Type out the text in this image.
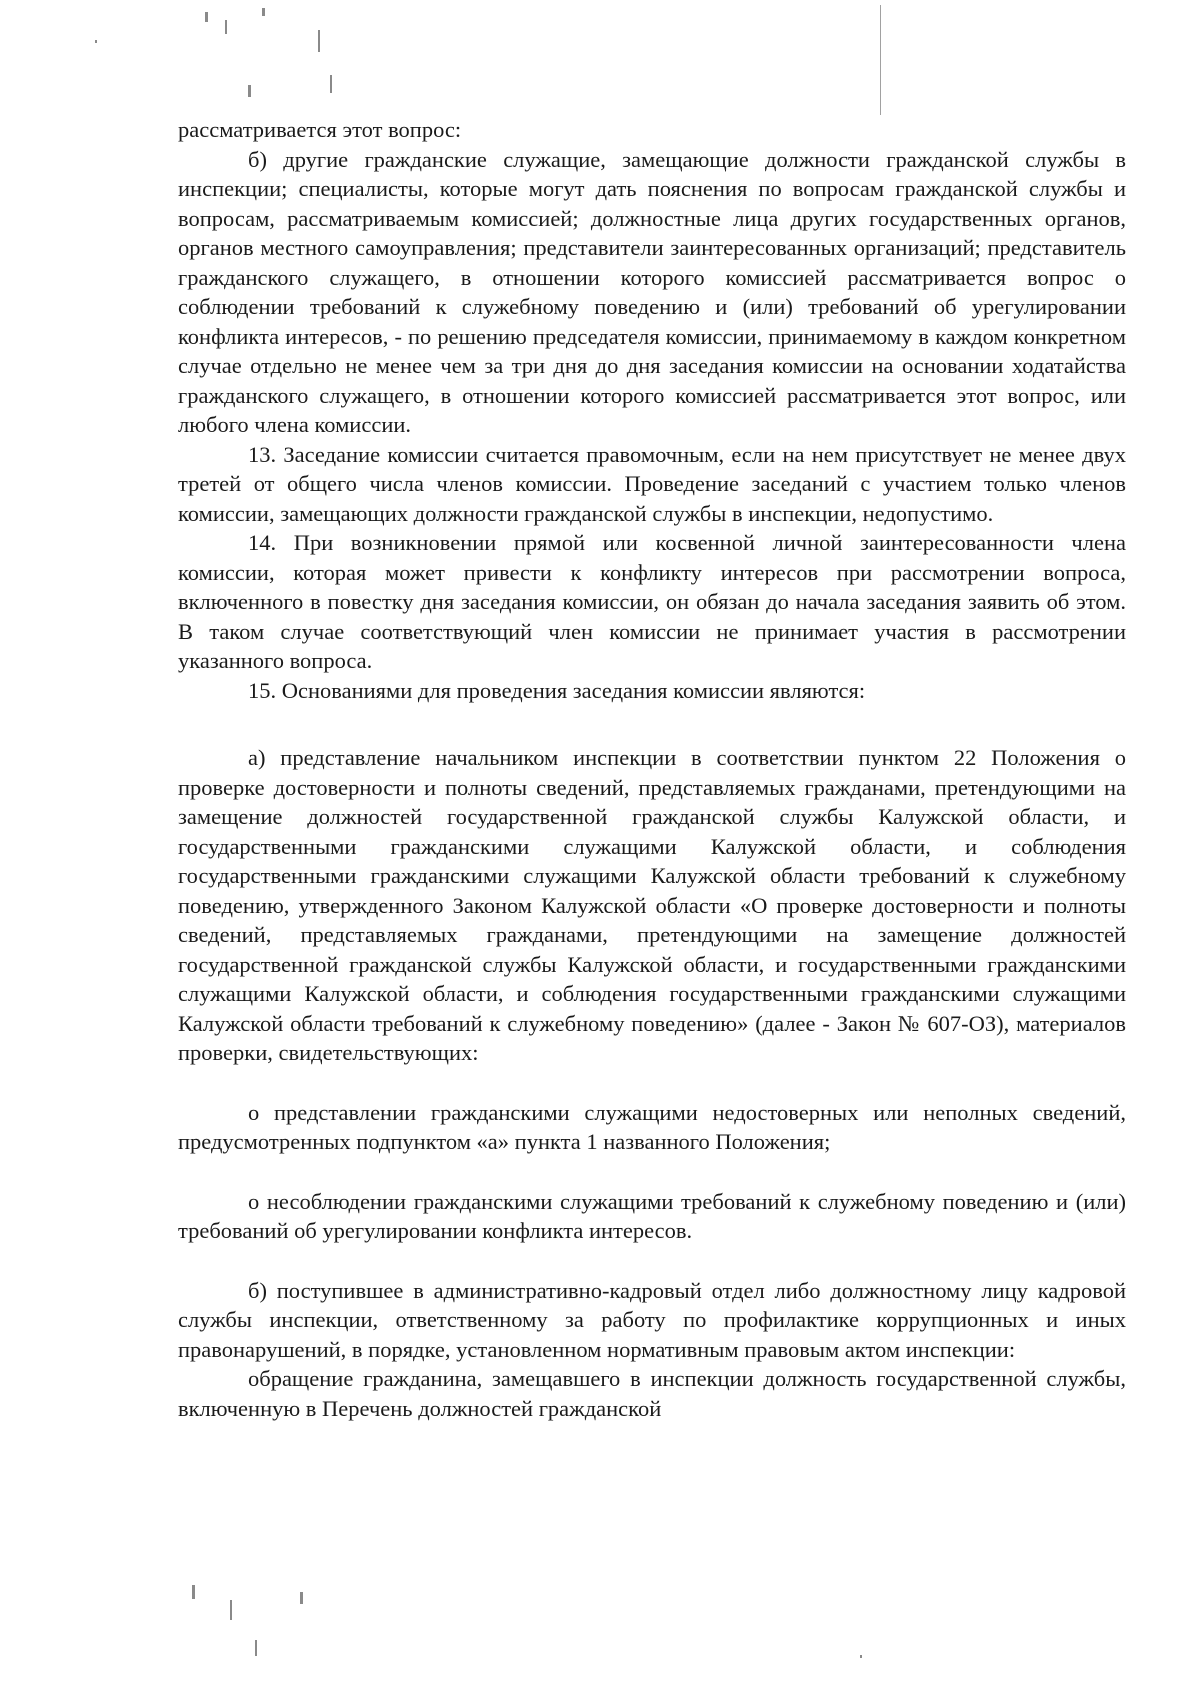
рассматривается этот вопрос:

б) другие гражданские служащие, замещающие должности гражданской службы в инспекции; специалисты, которые могут дать пояснения по вопросам гражданской службы и вопросам, рассматриваемым комиссией; должностные лица других государственных органов, органов местного самоуправления; представители заинтересованных организаций; представитель гражданского служащего, в отношении которого комиссией рассматривается вопрос о соблюдении требований к служебному поведению и (или) требований об урегулировании конфликта интересов, - по решению председателя комиссии, принимаемому в каждом конкретном случае отдельно не менее чем за три дня до дня заседания комиссии на основании ходатайства гражданского служащего, в отношении которого комиссией рассматривается этот вопрос, или любого члена комиссии.

13. Заседание комиссии считается правомочным, если на нем присутствует не менее двух третей от общего числа членов комиссии. Проведение заседаний с участием только членов комиссии, замещающих должности гражданской службы в инспекции, недопустимо.

14. При возникновении прямой или косвенной личной заинтересованности члена комиссии, которая может привести к конфликту интересов при рассмотрении вопроса, включенного в повестку дня заседания комиссии, он обязан до начала заседания заявить об этом. В таком случае соответствующий член комиссии не принимает участия в рассмотрении указанного вопроса.

15. Основаниями для проведения заседания комиссии являются:

а) представление начальником инспекции в соответствии пунктом 22 Положения о проверке достоверности и полноты сведений, представляемых гражданами, претендующими на замещение должностей государственной гражданской службы Калужской области, и государственными гражданскими служащими Калужской области, и соблюдения государственными гражданскими служащими Калужской области требований к служебному поведению, утвержденного Законом Калужской области «О проверке достоверности и полноты сведений, представляемых гражданами, претендующими на замещение должностей государственной гражданской службы Калужской области, и государственными гражданскими служащими Калужской области, и соблюдения государственными гражданскими служащими Калужской области требований к служебному поведению» (далее - Закон № 607-ОЗ), материалов проверки, свидетельствующих:

о представлении гражданскими служащими недостоверных или неполных сведений, предусмотренных подпунктом «а» пункта 1 названного Положения;

о несоблюдении гражданскими служащими требований к служебному поведению и (или) требований об урегулировании конфликта интересов.

б) поступившее в административно-кадровый отдел либо должностному лицу кадровой службы инспекции, ответственному за работу по профилактике коррупционных и иных правонарушений, в порядке, установленном нормативным правовым актом инспекции:

обращение гражданина, замещавшего в инспекции должность государственной службы, включенную в Перечень должностей гражданской
